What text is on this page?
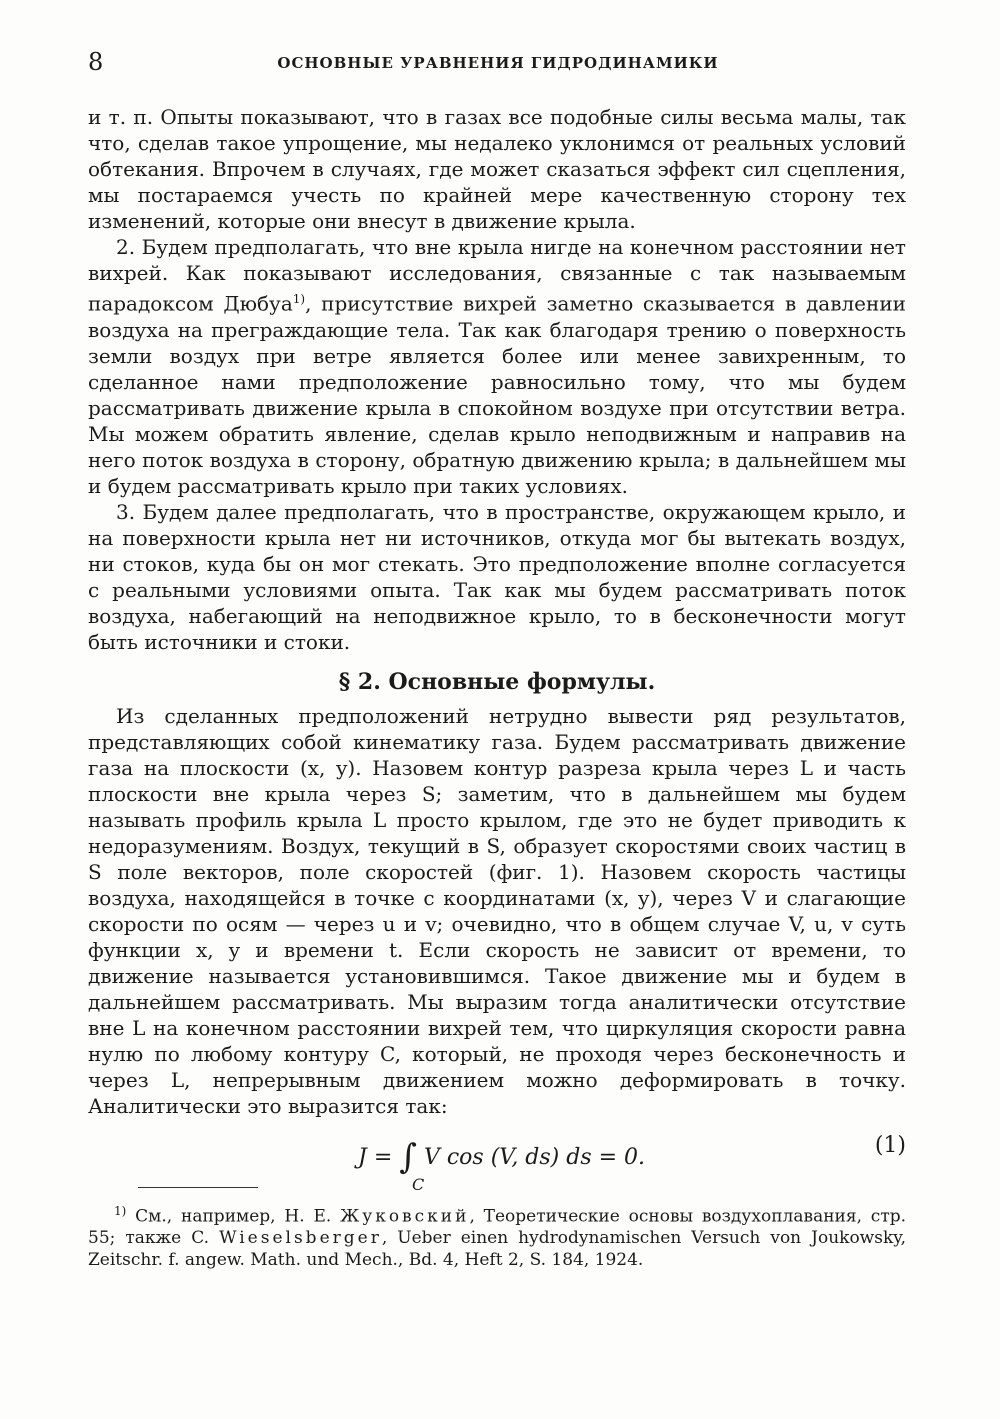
8	ОСНОВНЫЕ УРАВНЕНИЯ ГИДРОДИНАМИКИ

и т. п. Опыты показывают, что в газах все подобные силы весьма малы, так что, сделав такое упрощение, мы недалеко уклонимся от реальных условий обтекания. Впрочем в случаях, где может сказаться эффект сил сцепления, мы постараемся учесть по крайней мере качественную сторону тех изменений, которые они внесут в движение крыла.

2. Будем предполагать, что вне крыла нигде на конечном расстоянии нет вихрей. Как показывают исследования, связанные с так называемым парадоксом Дюбуа$^{1)}$, присутствие вихрей заметно сказывается в давлении воздуха на преграждающие тела. Так как благодаря трению о поверхность земли воздух при ветре является более или менее завихренным, то сделанное нами предположение равносильно тому, что мы будем рассматривать движение крыла в спокойном воздухе при отсутствии ветра. Мы можем обратить явление, сделав крыло неподвижным и направив на него поток воздуха в сторону, обратную движению крыла; в дальнейшем мы и будем рассматривать крыло при таких условиях.

3. Будем далее предполагать, что в пространстве, окружающем крыло, и на поверхности крыла нет ни источников, откуда мог бы вытекать воздух, ни стоков, куда бы он мог стекать. Это предположение вполне согласуется с реальными условиями опыта. Так как мы будем рассматривать поток воздуха, набегающий на неподвижное крыло, то в бесконечности могут быть источники и стоки.

§ 2. Основные формулы.

Из сделанных предположений нетрудно вывести ряд результатов, представляющих собой кинематику газа. Будем рассматривать движение газа на плоскости (x, y). Назовем контур разреза крыла через L и часть плоскости вне крыла через S; заметим, что в дальнейшем мы будем называть профиль крыла L просто крылом, где это не будет приводить к недоразумениям. Воздух, текущий в S, образует скоростями своих частиц в S поле векторов, поле скоростей (фиг. 1). Назовем скорость частицы воздуха, находящейся в точке с координатами (x, y), через V и слагающие скорости по осям — через u и v; очевидно, что в общем случае V, u, v суть функции x, y и времени t. Если скорость не зависит от времени, то движение называется установившимся. Такое движение мы и будем в дальнейшем рассматривать. Мы выразим тогда аналитически отсутствие вне L на конечном расстоянии вихрей тем, что циркуляция скорости равна нулю по любому контуру C, который, не проходя через бесконечность и через L, непрерывным движением можно деформировать в точку. Аналитически это выразится так:

J = ∫ V cos (V, ds) ds = 0.
C
(1)

$^{1)}$ См., например, Н. Е. Жуковский, Теоретические основы воздухоплавания, стр. 55; также C. Wieselsberger, Ueber einen hydrodynamischen Versuch von Joukowsky, Zeitschr. f. angew. Math. und Mech., Bd. 4, Heft 2, S. 184, 1924.
